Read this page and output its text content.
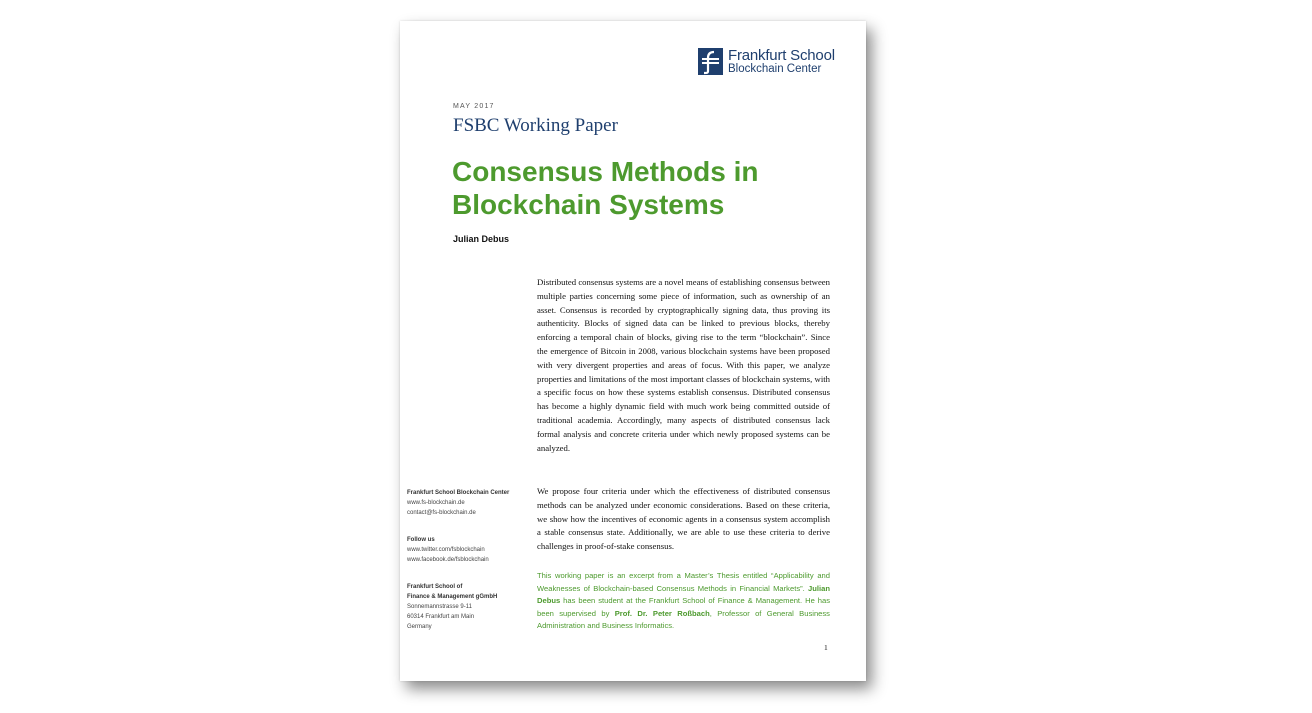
Frankfurt School
Blockchain Center
MAY 2017
FSBC Working Paper
Consensus Methods in
Blockchain Systems
Julian Debus

Distributed consensus systems are a novel means of establishing consensus between multiple parties concerning some piece of information, such as ownership of an asset. Consensus is recorded by cryptographically signing data, thus proving its authenticity. Blocks of signed data can be linked to previous blocks, thereby enforcing a temporal chain of blocks, giving rise to the term “blockchain”. Since the emergence of Bitcoin in 2008, various blockchain systems have been proposed with very divergent properties and areas of focus. With this paper, we analyze properties and limitations of the most important classes of blockchain systems, with a specific focus on how these systems establish consensus. Distributed consensus has become a highly dynamic field with much work being committed outside of traditional academia. Accordingly, many aspects of distributed consensus lack formal analysis and concrete criteria under which newly proposed systems can be analyzed.

We propose four criteria under which the effectiveness of distributed consensus methods can be analyzed under economic considerations. Based on these criteria, we show how the incentives of economic agents in a consensus system accomplish a stable consensus state. Additionally, we are able to use these criteria to derive challenges in proof-of-stake consensus.

This working paper is an excerpt from a Master’s Thesis entitled “Applicability and Weaknesses of Blockchain-based Consensus Methods in Financial Markets”. Julian Debus has been student at the Frankfurt School of Finance & Management. He has been supervised by Prof. Dr. Peter Roßbach, Professor of General Business Administration and Business Informatics.

Frankfurt School Blockchain Center
www.fs-blockchain.de
contact@fs-blockchain.de
Follow us
www.twitter.com/fsblockchain
www.facebook.de/fsblockchain
Frankfurt School of
Finance & Management gGmbH
Sonnemannstrasse 9-11
60314 Frankfurt am Main
Germany
1
